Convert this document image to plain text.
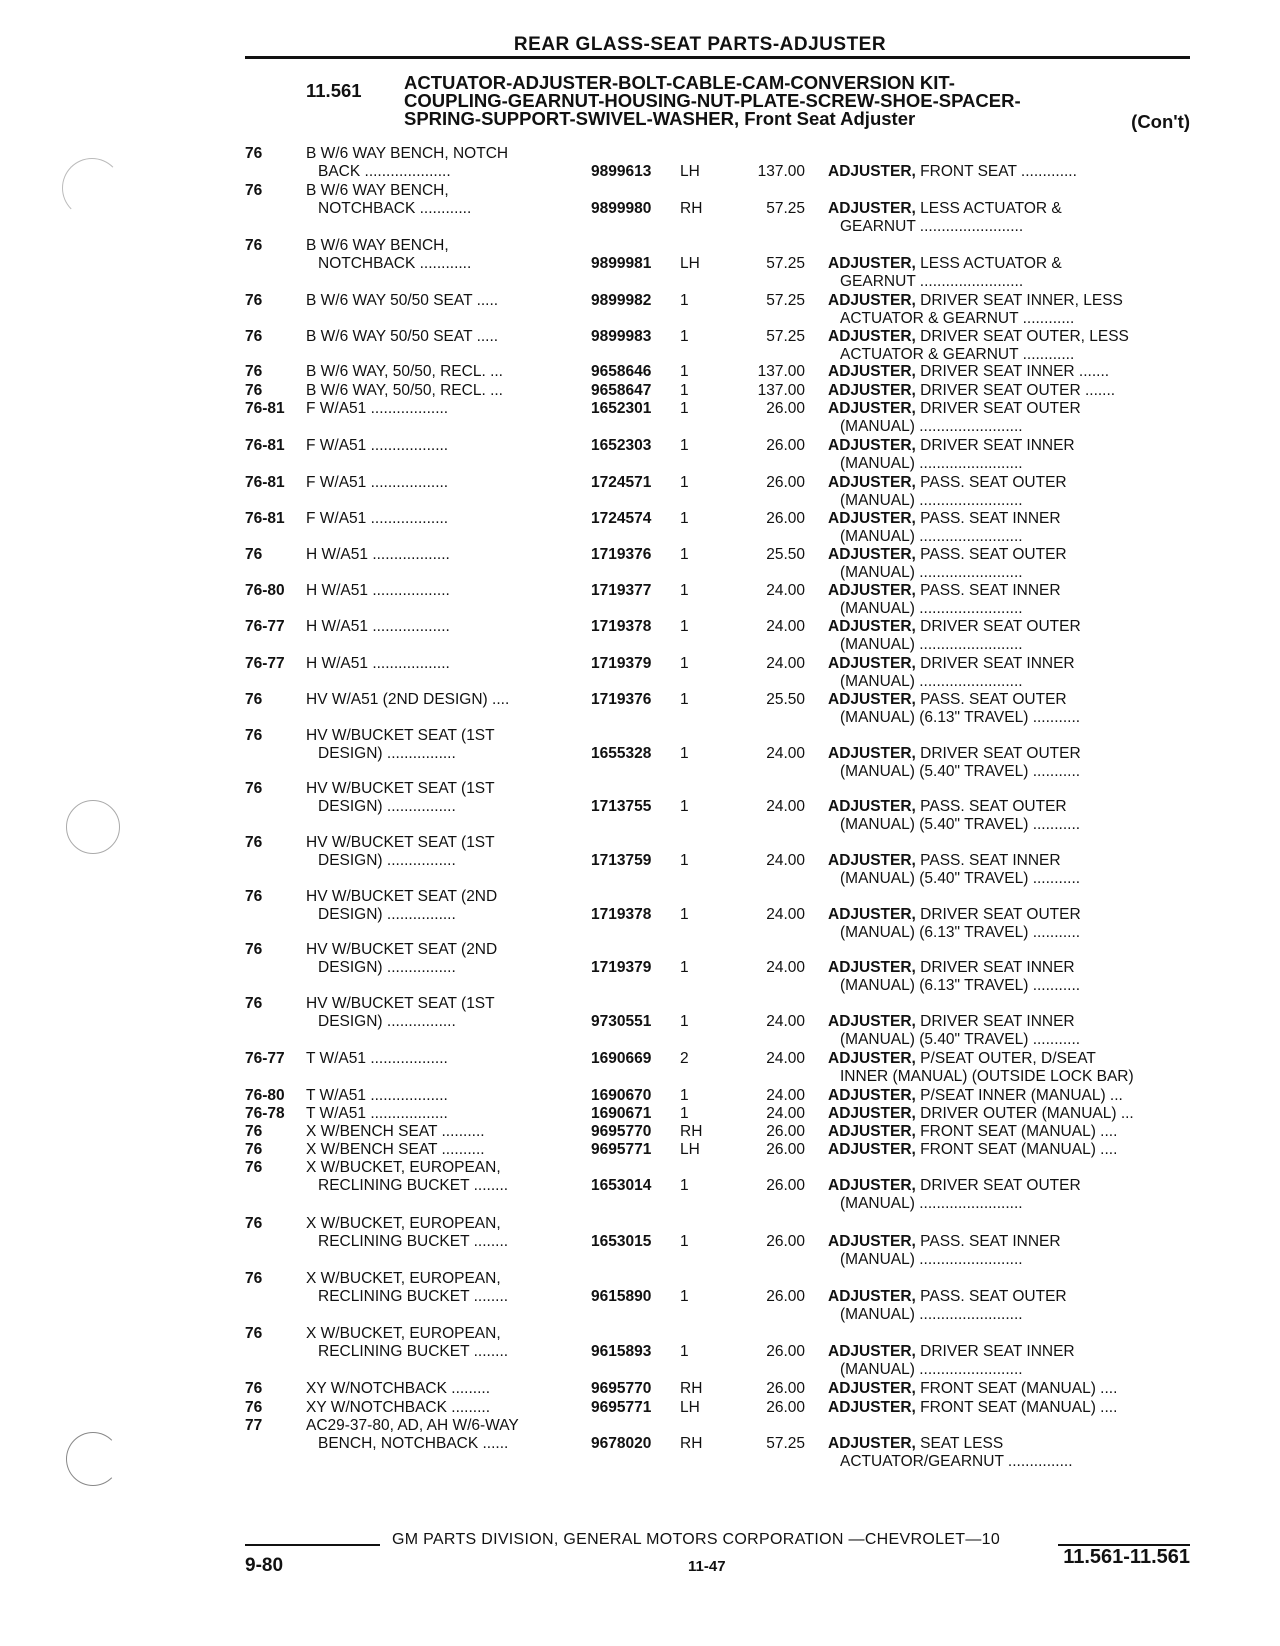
REAR GLASS-SEAT PARTS-ADJUSTER
11.561 ACTUATOR-ADJUSTER-BOLT-CABLE-CAM-CONVERSION KIT-
COUPLING-GEARNUT-HOUSING-NUT-PLATE-SCREW-SHOE-SPACER-
SPRING-SUPPORT-SWIVEL-WASHER, Front Seat Adjuster	(Con't)
76	B W/6 WAY BENCH, NOTCH
BACK ....................	9899613 LH	137.00 ADJUSTER, FRONT SEAT .............
76	B W/6 WAY BENCH,
NOTCHBACK ............	9899980 RH	57.25 ADJUSTER, LESS ACTUATOR &
GEARNUT ........................
76	B W/6 WAY BENCH,
NOTCHBACK ............	9899981 LH	57.25 ADJUSTER, LESS ACTUATOR &
GEARNUT ........................
76	B W/6 WAY 50/50 SEAT .....	9899982 1	57.25 ADJUSTER, DRIVER SEAT INNER, LESS
ACTUATOR & GEARNUT ............
76	B W/6 WAY 50/50 SEAT .....	9899983 1	57.25 ADJUSTER, DRIVER SEAT OUTER, LESS
ACTUATOR & GEARNUT ............
76	B W/6 WAY, 50/50, RECL. ...	9658646 1	137.00 ADJUSTER, DRIVER SEAT INNER .......
76	B W/6 WAY, 50/50, RECL. ...	9658647 1	137.00 ADJUSTER, DRIVER SEAT OUTER .......
76-81 F W/A51 ..................	1652301 1	26.00 ADJUSTER, DRIVER SEAT OUTER
(MANUAL) ........................
76-81 F W/A51 ..................	1652303 1	26.00 ADJUSTER, DRIVER SEAT INNER
(MANUAL) ........................
76-81 F W/A51 ..................	1724571 1	26.00 ADJUSTER, PASS. SEAT OUTER
(MANUAL) ........................
76-81 F W/A51 ..................	1724574 1	26.00 ADJUSTER, PASS. SEAT INNER
(MANUAL) ........................
76	H W/A51 ..................	1719376 1	25.50 ADJUSTER, PASS. SEAT OUTER
(MANUAL) ........................
76-80 H W/A51 ..................	1719377 1	24.00 ADJUSTER, PASS. SEAT INNER
(MANUAL) ........................
76-77 H W/A51 ..................	1719378 1	24.00 ADJUSTER, DRIVER SEAT OUTER
(MANUAL) ........................
76-77 H W/A51 ..................	1719379 1	24.00 ADJUSTER, DRIVER SEAT INNER
(MANUAL) ........................
76	HV W/A51 (2ND DESIGN) ....	1719376 1	25.50 ADJUSTER, PASS. SEAT OUTER
(MANUAL) (6.13" TRAVEL) ...........
76	HV W/BUCKET SEAT (1ST
DESIGN) ................	1655328 1	24.00 ADJUSTER, DRIVER SEAT OUTER
(MANUAL) (5.40" TRAVEL) ...........
76	HV W/BUCKET SEAT (1ST
DESIGN) ................	1713755 1	24.00 ADJUSTER, PASS. SEAT OUTER
(MANUAL) (5.40" TRAVEL) ...........
76	HV W/BUCKET SEAT (1ST
DESIGN) ................	1713759 1	24.00 ADJUSTER, PASS. SEAT INNER
(MANUAL) (5.40" TRAVEL) ...........
76	HV W/BUCKET SEAT (2ND
DESIGN) ................	1719378 1	24.00 ADJUSTER, DRIVER SEAT OUTER
(MANUAL) (6.13" TRAVEL) ...........
76	HV W/BUCKET SEAT (2ND
DESIGN) ................	1719379 1	24.00 ADJUSTER, DRIVER SEAT INNER
(MANUAL) (6.13" TRAVEL) ...........
76	HV W/BUCKET SEAT (1ST
DESIGN) ................	9730551 1	24.00 ADJUSTER, DRIVER SEAT INNER
(MANUAL) (5.40" TRAVEL) ...........
76-77 T W/A51 ..................	1690669 2	24.00 ADJUSTER, P/SEAT OUTER, D/SEAT
INNER (MANUAL) (OUTSIDE LOCK BAR)
76-80 T W/A51 ..................	1690670 1	24.00 ADJUSTER, P/SEAT INNER (MANUAL) ...
76-78 T W/A51 ..................	1690671 1	24.00 ADJUSTER, DRIVER OUTER (MANUAL) ...
76	X W/BENCH SEAT ..........	9695770 RH	26.00 ADJUSTER, FRONT SEAT (MANUAL) ....
76	X W/BENCH SEAT ..........	9695771 LH	26.00 ADJUSTER, FRONT SEAT (MANUAL) ....
76	X W/BUCKET, EUROPEAN,
RECLINING BUCKET ........	1653014 1	26.00 ADJUSTER, DRIVER SEAT OUTER
(MANUAL) ........................
76	X W/BUCKET, EUROPEAN,
RECLINING BUCKET ........	1653015 1	26.00 ADJUSTER, PASS. SEAT INNER
(MANUAL) ........................
76	X W/BUCKET, EUROPEAN,
RECLINING BUCKET ........	9615890 1	26.00 ADJUSTER, PASS. SEAT OUTER
(MANUAL) ........................
76	X W/BUCKET, EUROPEAN,
RECLINING BUCKET ........	9615893 1	26.00 ADJUSTER, DRIVER SEAT INNER
(MANUAL) ........................
76	XY W/NOTCHBACK .........	9695770 RH	26.00 ADJUSTER, FRONT SEAT (MANUAL) ....
76	XY W/NOTCHBACK .........	9695771 LH	26.00 ADJUSTER, FRONT SEAT (MANUAL) ....
77	AC29-37-80, AD, AH W/6-WAY
BENCH, NOTCHBACK ......	9678020 RH	57.25 ADJUSTER, SEAT LESS
ACTUATOR/GEARNUT ...............
GM PARTS DIVISION, GENERAL MOTORS CORPORATION —CHEVROLET—10
9-80	11-47	11.561-11.561
